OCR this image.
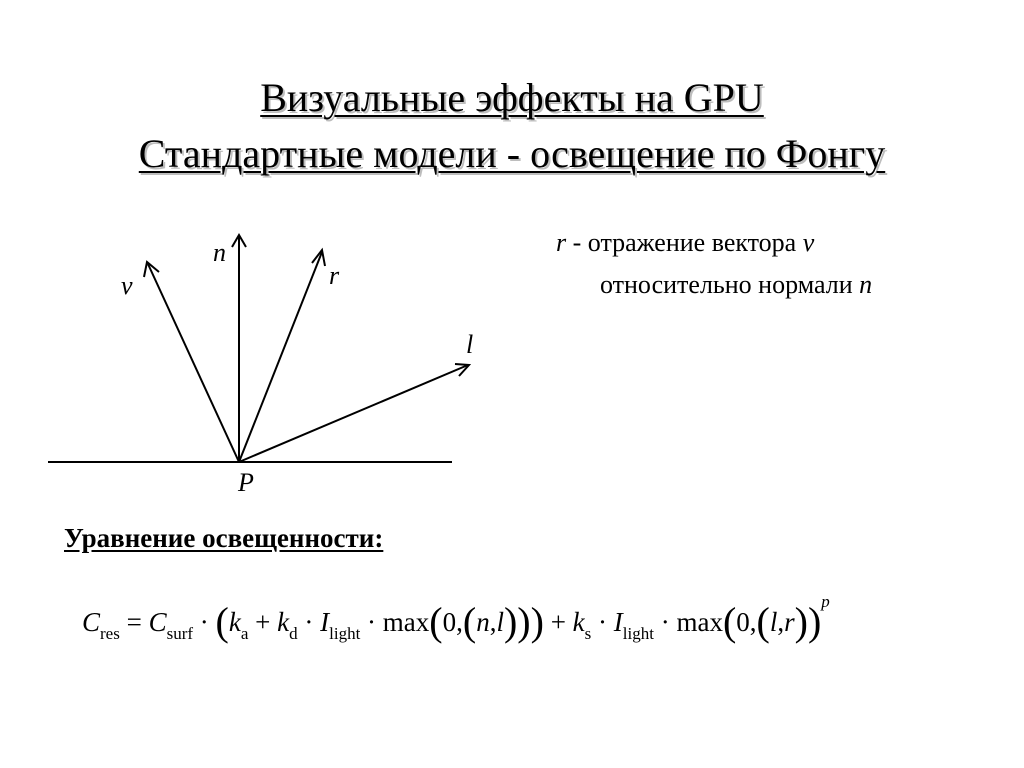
Визуальные эффекты на GPU
Стандартные модели - освещение по Фонгу
n
v	r
l
P
r - отражение вектора v
относительно нормали n
Уравнение освещенности:
$C_{res} = C_{surf} \cdot (k_a + k_d \cdot I_{light} \cdot \max(0,(n,l))) + k_s \cdot I_{light} \cdot \max(0,(l,r))^p$
